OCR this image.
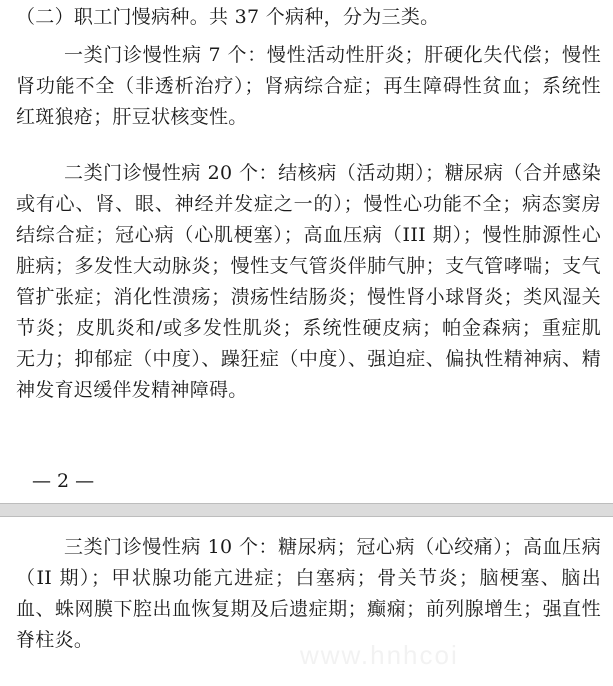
（二）职工门慢病种。共 37 个病种，分为三类。

一类门诊慢性病 7 个：慢性活动性肝炎；肝硬化失代偿；慢性肾功能不全（非透析治疗）；肾病综合症；再生障碍性贫血；系统性红斑狼疮；肝豆状核变性。

二类门诊慢性病 20 个：结核病（活动期）；糖尿病（合并感染或有心、肾、眼、神经并发症之一的）；慢性心功能不全；病态窦房结综合症；冠心病（心肌梗塞）；高血压病（III 期）；慢性肺源性心脏病；多发性大动脉炎；慢性支气管炎伴肺气肿；支气管哮喘；支气管扩张症；消化性溃疡；溃疡性结肠炎；慢性肾小球肾炎；类风湿关节炎；皮肌炎和/或多发性肌炎；系统性硬皮病；帕金森病；重症肌无力；抑郁症（中度）、躁狂症（中度）、强迫症、偏执性精神病、精神发育迟缓伴发精神障碍。

— 2 —

三类门诊慢性病 10 个：糖尿病；冠心病（心绞痛）；高血压病（II 期）；甲状腺功能亢进症；白塞病；骨关节炎；脑梗塞、脑出血、蛛网膜下腔出血恢复期及后遗症期；癫痫；前列腺增生；强直性脊柱炎。	www.hnhcoi
